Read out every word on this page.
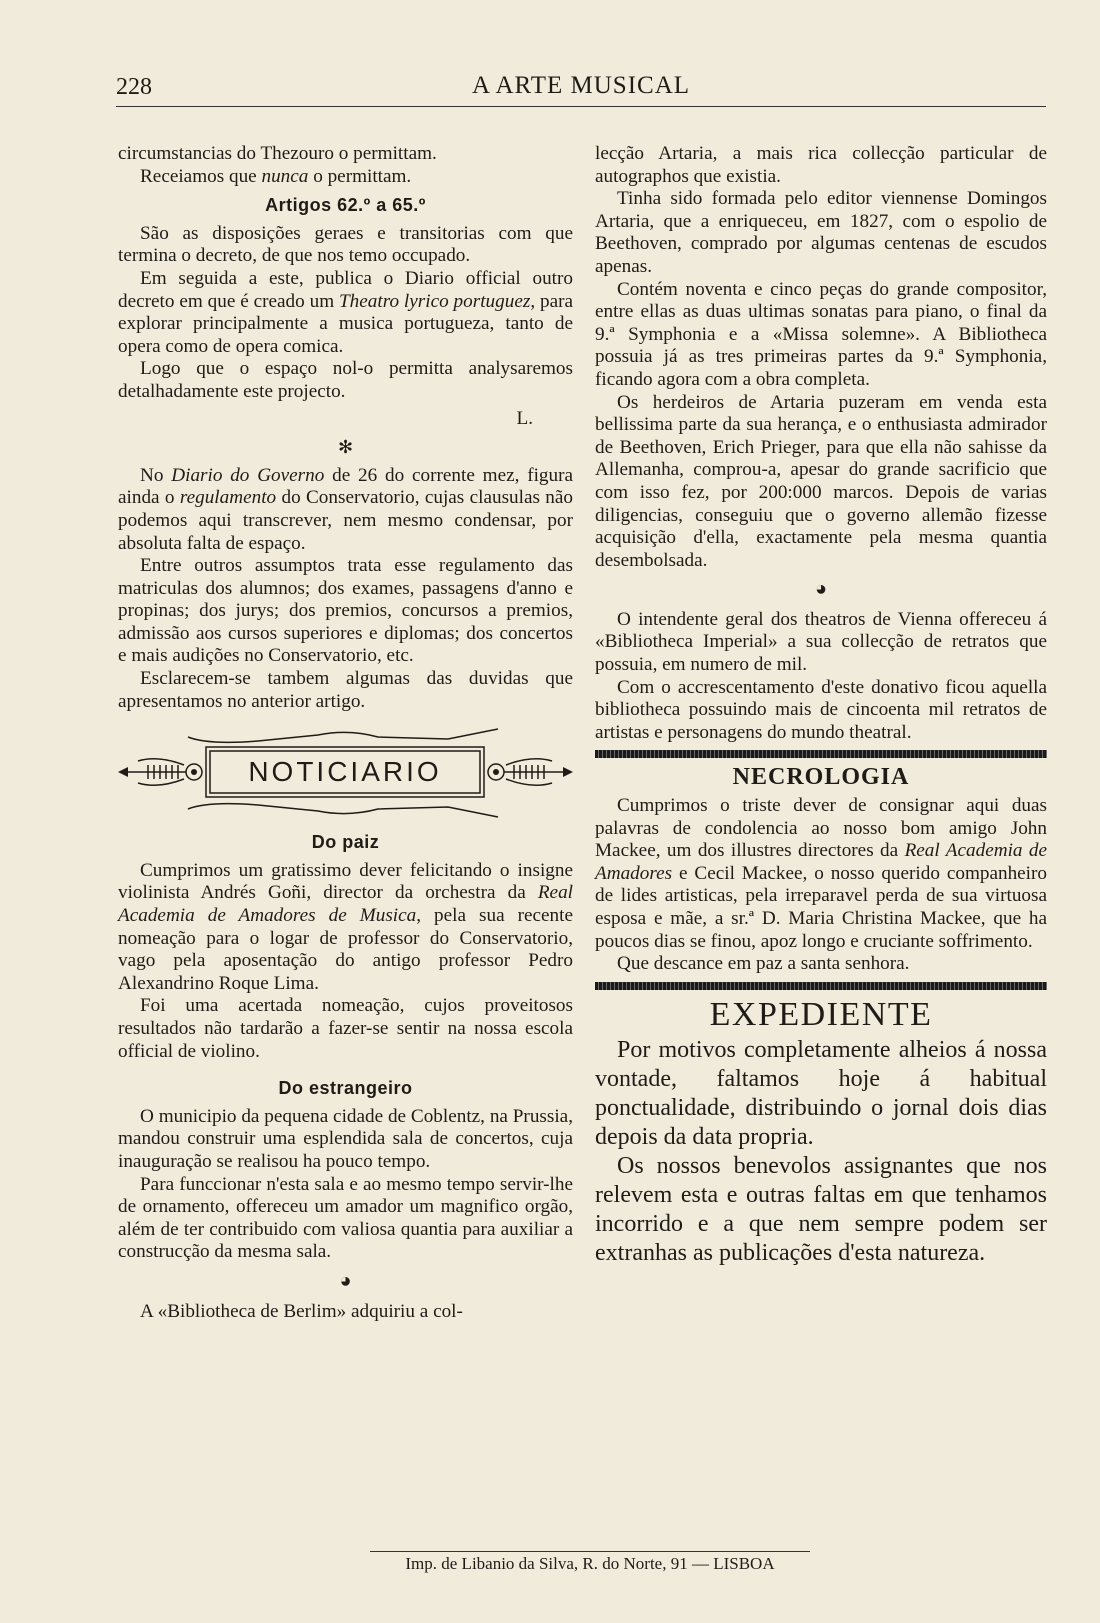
228	A ARTE MUSICAL

circumstancias do Thezouro o permittam.

Receiamos que nunca o permittam.

Artigos 62.º a 65.º

São as disposições geraes e transitorias com que termina o decreto, de que nos temo occupado.

Em seguida a este, publica o Diario official outro decreto em que é creado um Theatro lyrico portuguez, para explorar principalmente a musica portugueza, tanto de opera como de opera comica.

Logo que o espaço nol-o permitta analysaremos detalhadamente este projecto.

L.
✻

No Diario do Governo de 26 do corrente mez, figura ainda o regulamento do Conservatorio, cujas clausulas não podemos aqui transcrever, nem mesmo condensar, por absoluta falta de espaço.

Entre outros assumptos trata esse regulamento das matriculas dos alumnos; dos exames, passagens d'anno e propinas; dos jurys; dos premios, concursos a premios, admissão aos cursos superiores e diplomas; dos concertos e mais audições no Conservatorio, etc.

Esclarecem-se tambem algumas das duvidas que apresentamos no anterior artigo.

NOTICIARIO
Do paiz

Cumprimos um gratissimo dever felicitando o insigne violinista Andrés Goñi, director da orchestra da Real Academia de Amadores de Musica, pela sua recente nomeação para o logar de professor do Conservatorio, vago pela aposentação do antigo professor Pedro Alexandrino Roque Lima.

Foi uma acertada nomeação, cujos proveitosos resultados não tardarão a fazer-se sentir na nossa escola official de violino.

Do estrangeiro

O municipio da pequena cidade de Coblentz, na Prussia, mandou construir uma esplendida sala de concertos, cuja inauguração se realisou ha pouco tempo.

Para funccionar n'esta sala e ao mesmo tempo servir-lhe de ornamento, offereceu um amador um magnifico orgão, além de ter contribuido com valiosa quantia para auxiliar a construcção da mesma sala.

◕

A «Bibliotheca de Berlim» adquiriu a col-

lecção Artaria, a mais rica collecção particular de autographos que existia.

Tinha sido formada pelo editor viennense Domingos Artaria, que a enriqueceu, em 1827, com o espolio de Beethoven, comprado por algumas centenas de escudos apenas.

Contém noventa e cinco peças do grande compositor, entre ellas as duas ultimas sonatas para piano, o final da 9.ª Symphonia e a «Missa solemne». A Bibliotheca possuia já as tres primeiras partes da 9.ª Symphonia, ficando agora com a obra completa.

Os herdeiros de Artaria puzeram em venda esta bellissima parte da sua herança, e o enthusiasta admirador de Beethoven, Erich Prieger, para que ella não sahisse da Allemanha, comprou-a, apesar do grande sacrificio que com isso fez, por 200:000 marcos. Depois de varias diligencias, conseguiu que o governo allemão fizesse acquisição d'ella, exactamente pela mesma quantia desembolsada.

◕

O intendente geral dos theatros de Vienna offereceu á «Bibliotheca Imperial» a sua collecção de retratos que possuia, em numero de mil.

Com o accrescentamento d'este donativo ficou aquella bibliotheca possuindo mais de cincoenta mil retratos de artistas e personagens do mundo theatral.

NECROLOGIA

Cumprimos o triste dever de consignar aqui duas palavras de condolencia ao nosso bom amigo John Mackee, um dos illustres directores da Real Academia de Amadores e Cecil Mackee, o nosso querido companheiro de lides artisticas, pela irreparavel perda de sua virtuosa esposa e mãe, a sr.ª D. Maria Christina Mackee, que ha poucos dias se finou, apoz longo e cruciante soffrimento.

Que descance em paz a santa senhora.

EXPEDIENTE

Por motivos completamente alheios á nossa vontade, faltamos hoje á habitual ponctualidade, distribuindo o jornal dois dias depois da data propria.

Os nossos benevolos assignantes que nos relevem esta e outras faltas em que tenhamos incorrido e a que nem sempre podem ser extranhas as publicações d'esta natureza.

Imp. de Libanio da Silva, R. do Norte, 91 — LISBOA
